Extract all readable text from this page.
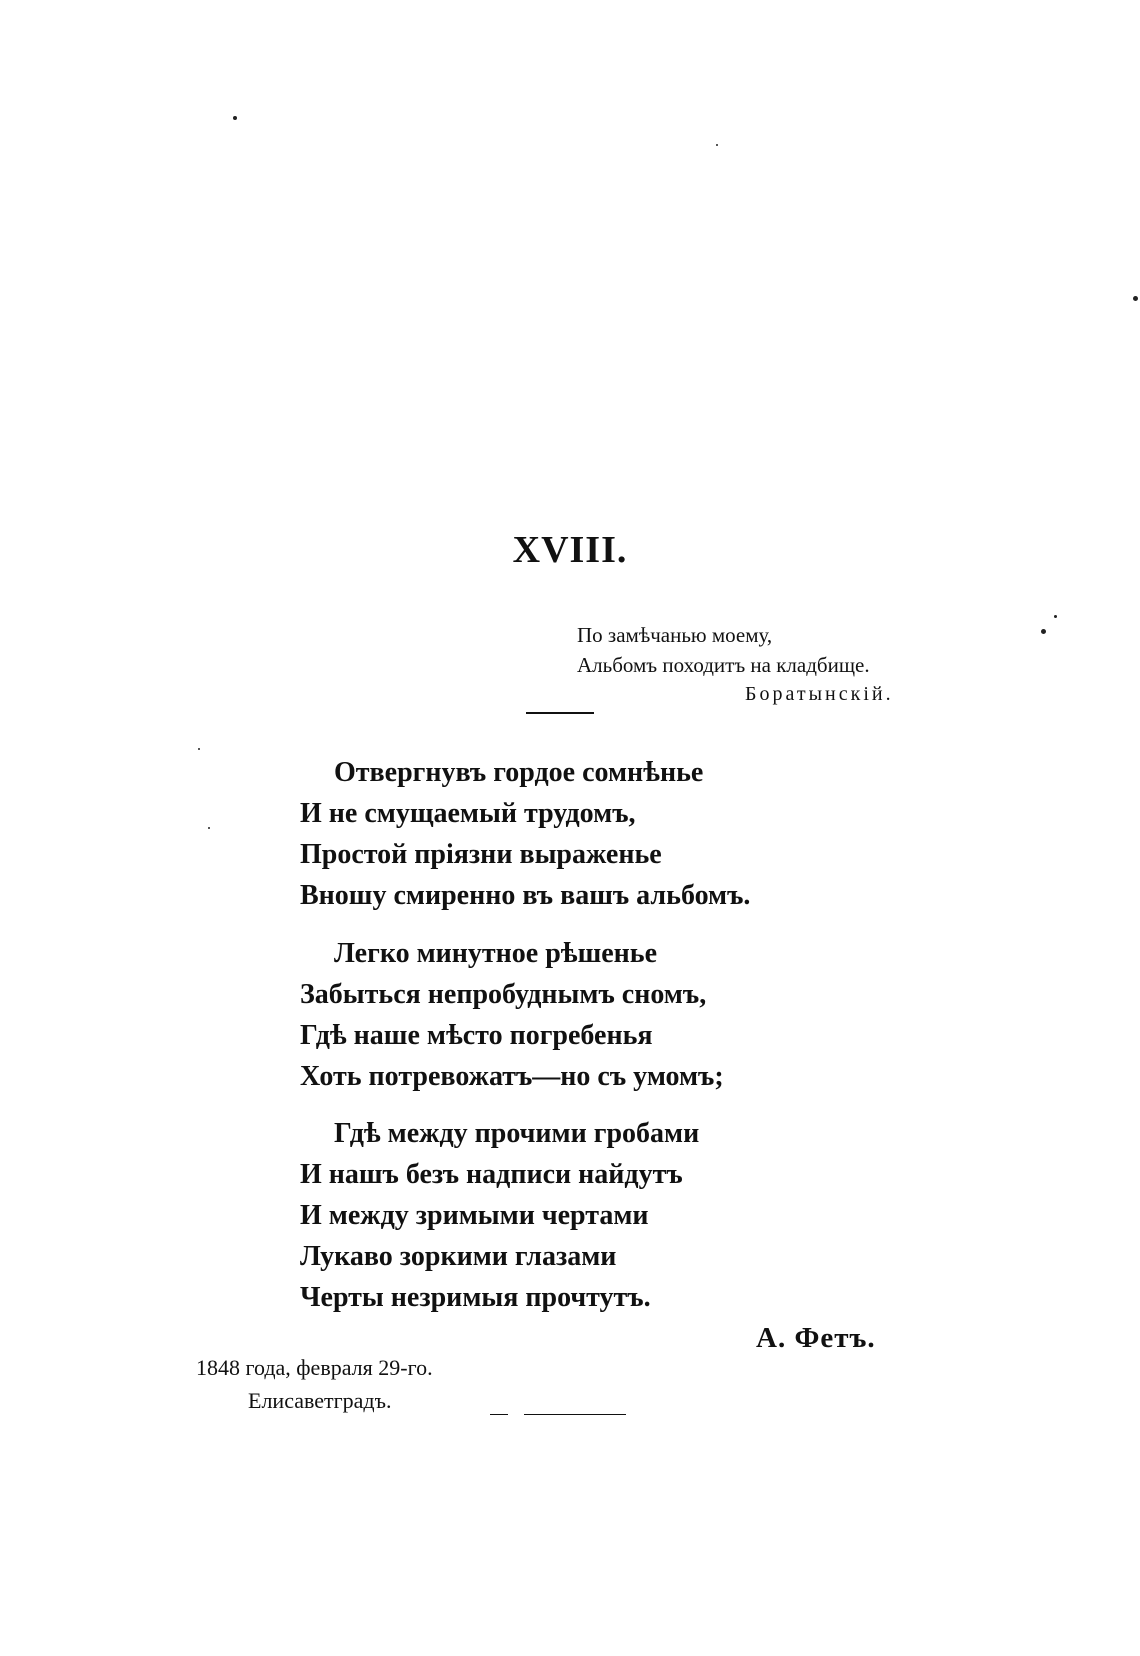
XVIII.
По замѣчанью моему,
Альбомъ походитъ на кладбище.
Боратынскій.
Отвергнувъ гордое сомнѣнье
И не смущаемый трудомъ,
Простой пріязни выраженье
Вношу смиренно въ вашъ альбомъ.
Легко минутное рѣшенье
Забыться непробуднымъ сномъ,
Гдѣ наше мѣсто погребенья
Хоть потревожатъ—но съ умомъ;
Гдѣ между прочими гробами
И нашъ безъ надписи найдутъ
И между зримыми чертами
Лукаво зоркими глазами
Черты незримыя прочтутъ.
А. Фетъ.
1848 года, февраля 29-го.
Елисаветградъ.
